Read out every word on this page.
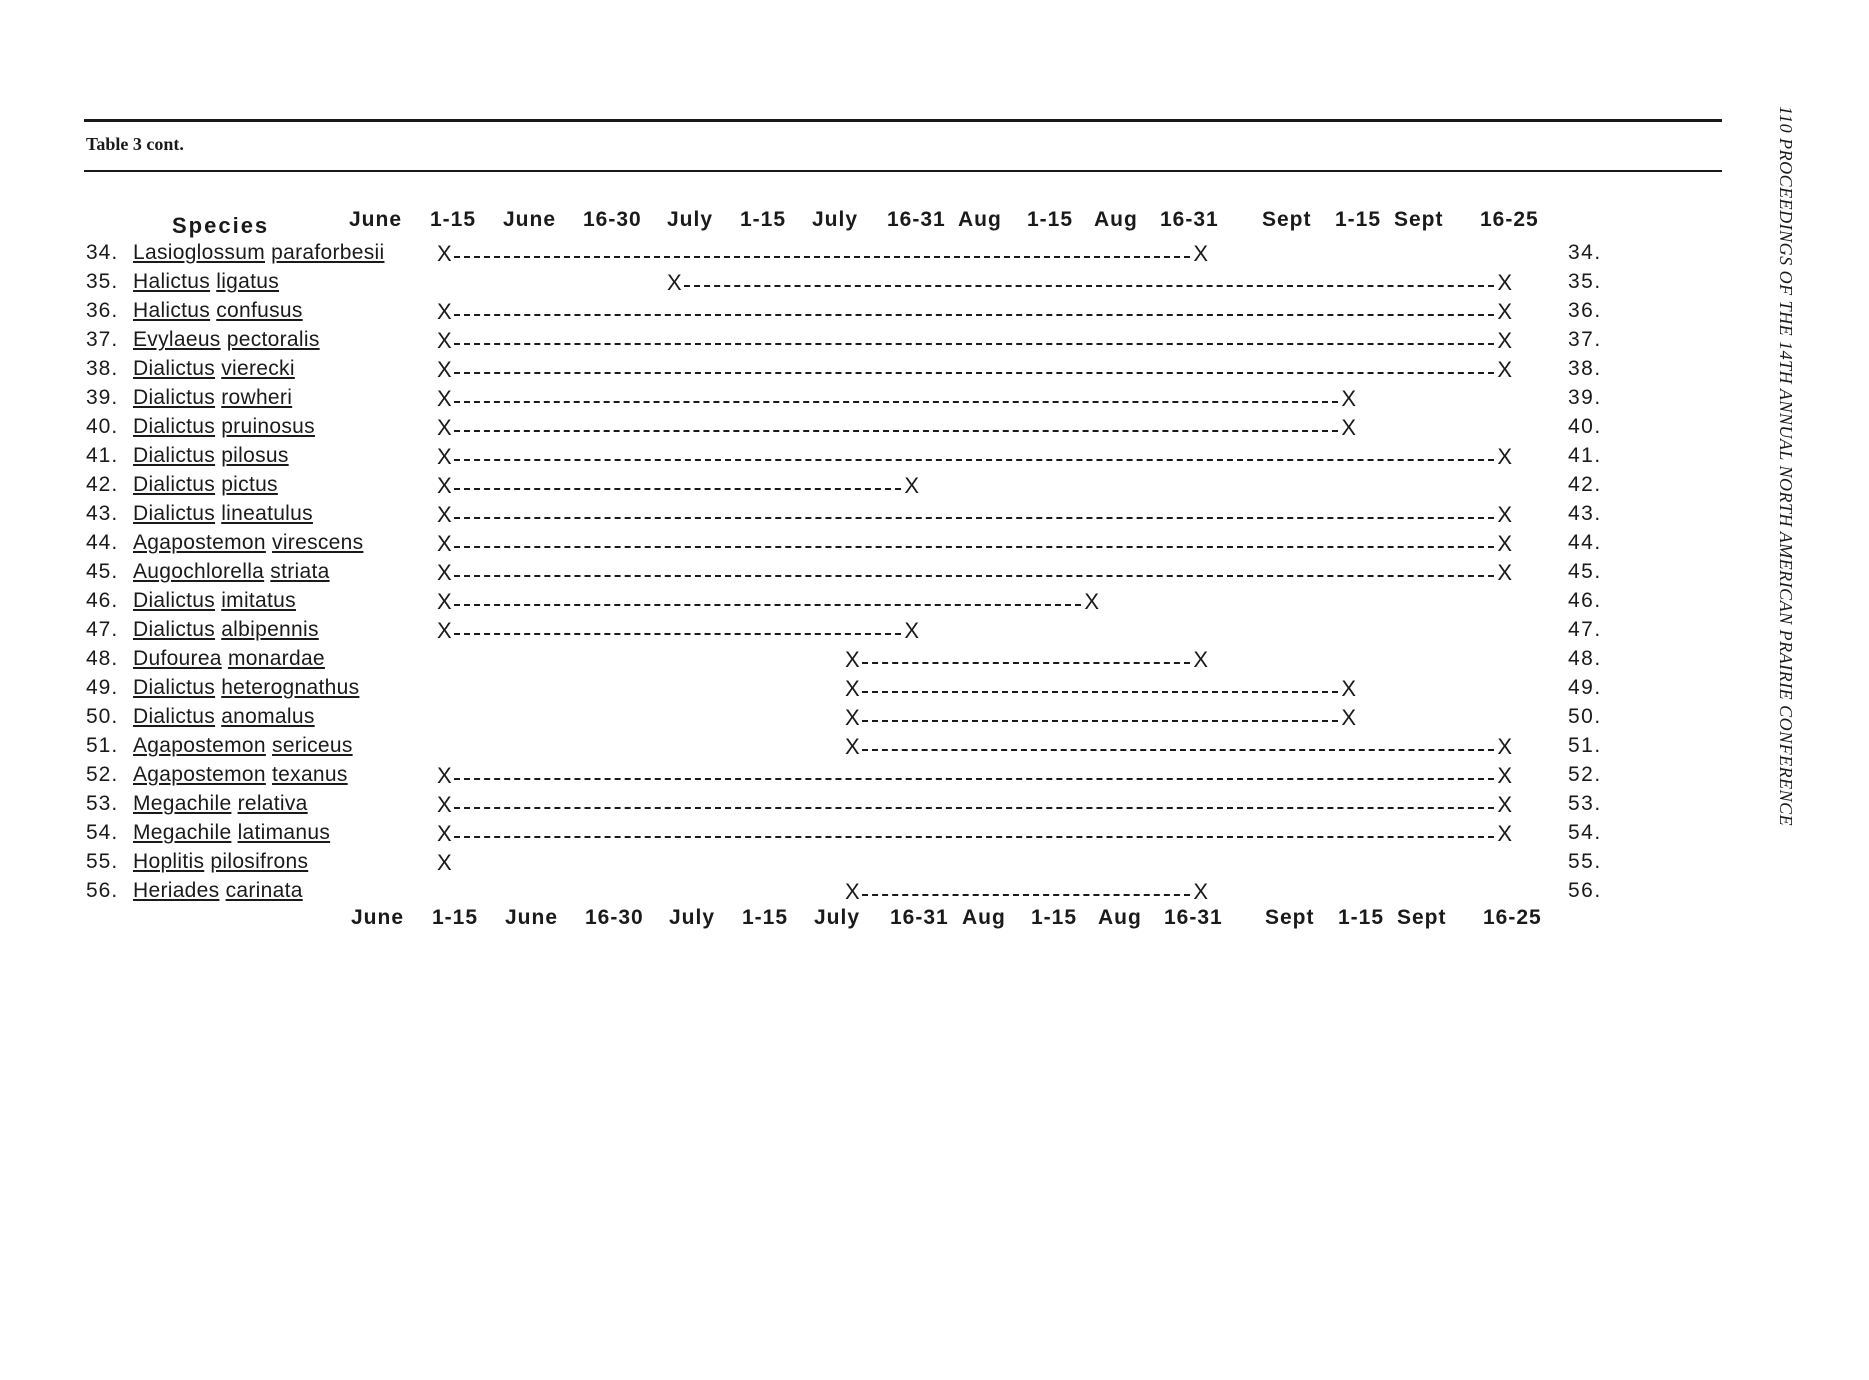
Table 3 cont.	110 PROCEEDINGS OF THE 14TH ANNUAL NORTH AMERICAN PRAIRIE CONFERENCE
Species	June 1-15 June 16-30 July 1-15 July 16-31 Aug 1-15 Aug 16-31 Sept 1-15 Sept 16-25
34. Lasioglossum paraforbesii X	X	34.
35. Halictus ligatus	X	X	35.
36. Halictus confusus	X	X	36.
37. Evylaeus pectoralis	X	X	37.
38. Dialictus vierecki	X	X	38.
39. Dialictus rowheri	X	X	39.
40. Dialictus pruinosus	X	X	40.
41. Dialictus pilosus	X	X	41.
42. Dialictus pictus	X	X	42.
43. Dialictus lineatulus	X	X	43.
44. Agapostemon virescens	X	X	44.
45. Augochlorella striata	X	X	45.
46. Dialictus imitatus	X	X	46.
47. Dialictus albipennis	X	X	47.
48. Dufourea monardae	X	X	48.
49. Dialictus heterognathus	X	X	49.
50. Dialictus anomalus	X	X	50.
51. Agapostemon sericeus	X	X	51.
52. Agapostemon texanus	X	X	52.
53. Megachile relativa	X	X	53.
54. Megachile latimanus	X	X	54.
55. Hoplitis pilosifrons	X	55.
56. Heriades carinata	X	X	56.
June 1-15 June 16-30 July 1-15 July 16-31 Aug 1-15 Aug 16-31 Sept 1-15 Sept 16-25
